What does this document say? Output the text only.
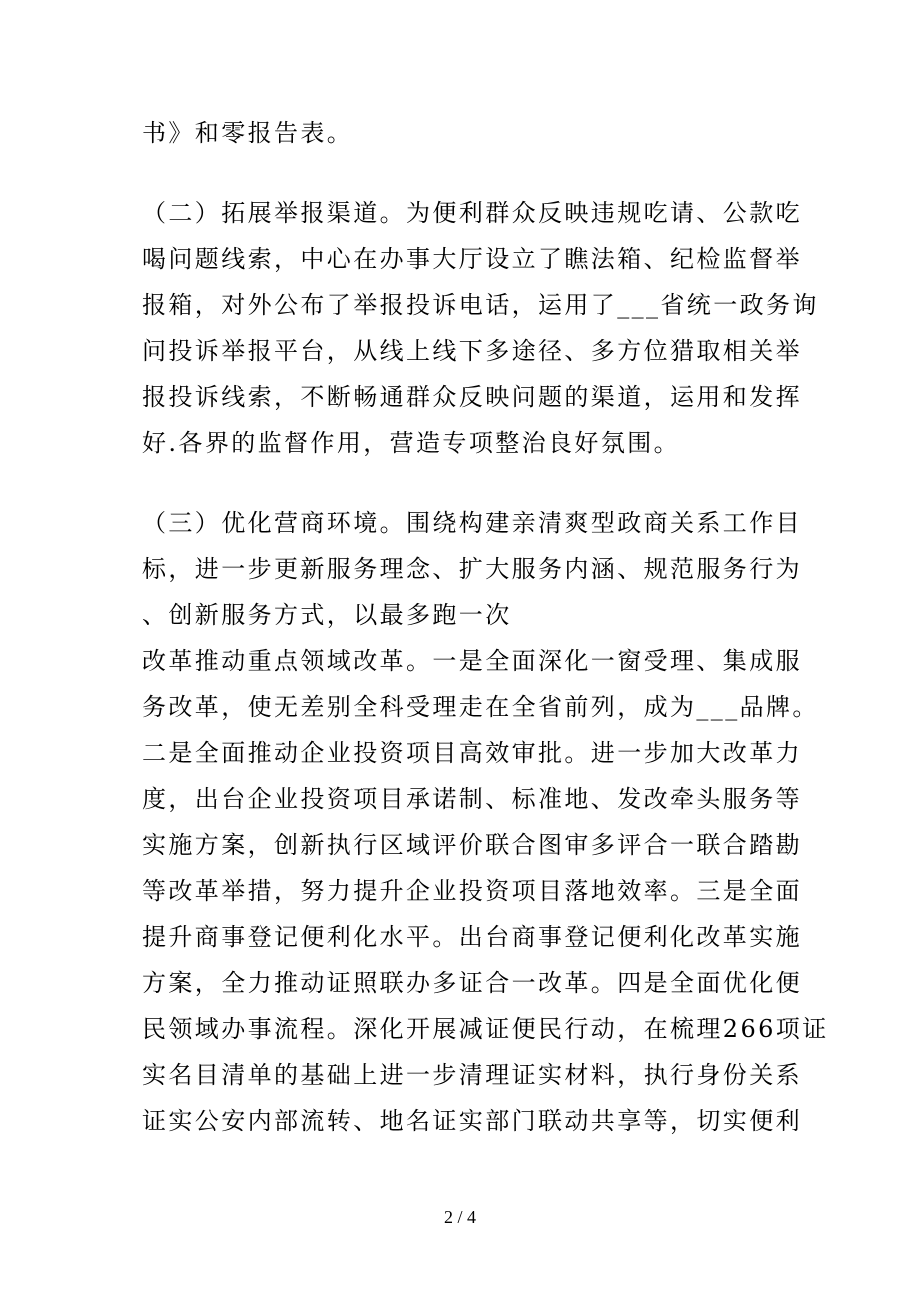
书》和零报告表。
（二）拓展举报渠道。为便利群众反映违规吃请、公款吃
喝问题线索，中心在办事大厅设立了瞧法箱、纪检监督举
报箱，对外公布了举报投诉电话，运用了___省统一政务询
问投诉举报平台，从线上线下多途径、多方位猎取相关举
报投诉线索，不断畅通群众反映问题的渠道，运用和发挥
好.各界的监督作用，营造专项整治良好氛围。
（三）优化营商环境。围绕构建亲清爽型政商关系工作目
标，进一步更新服务理念、扩大服务内涵、规范服务行为
、创新服务方式，以最多跑一次
改革推动重点领域改革。一是全面深化一窗受理、集成服
务改革，使无差别全科受理走在全省前列，成为___品牌。
二是全面推动企业投资项目高效审批。进一步加大改革力
度，出台企业投资项目承诺制、标准地、发改牵头服务等
实施方案，创新执行区域评价联合图审多评合一联合踏勘
等改革举措，努力提升企业投资项目落地效率。三是全面
提升商事登记便利化水平。出台商事登记便利化改革实施
方案，全力推动证照联办多证合一改革。四是全面优化便
民领域办事流程。深化开展减证便民行动，在梳理266项证
实名目清单的基础上进一步清理证实材料，执行身份关系
证实公安内部流转、地名证实部门联动共享等，切实便利
2 / 4
